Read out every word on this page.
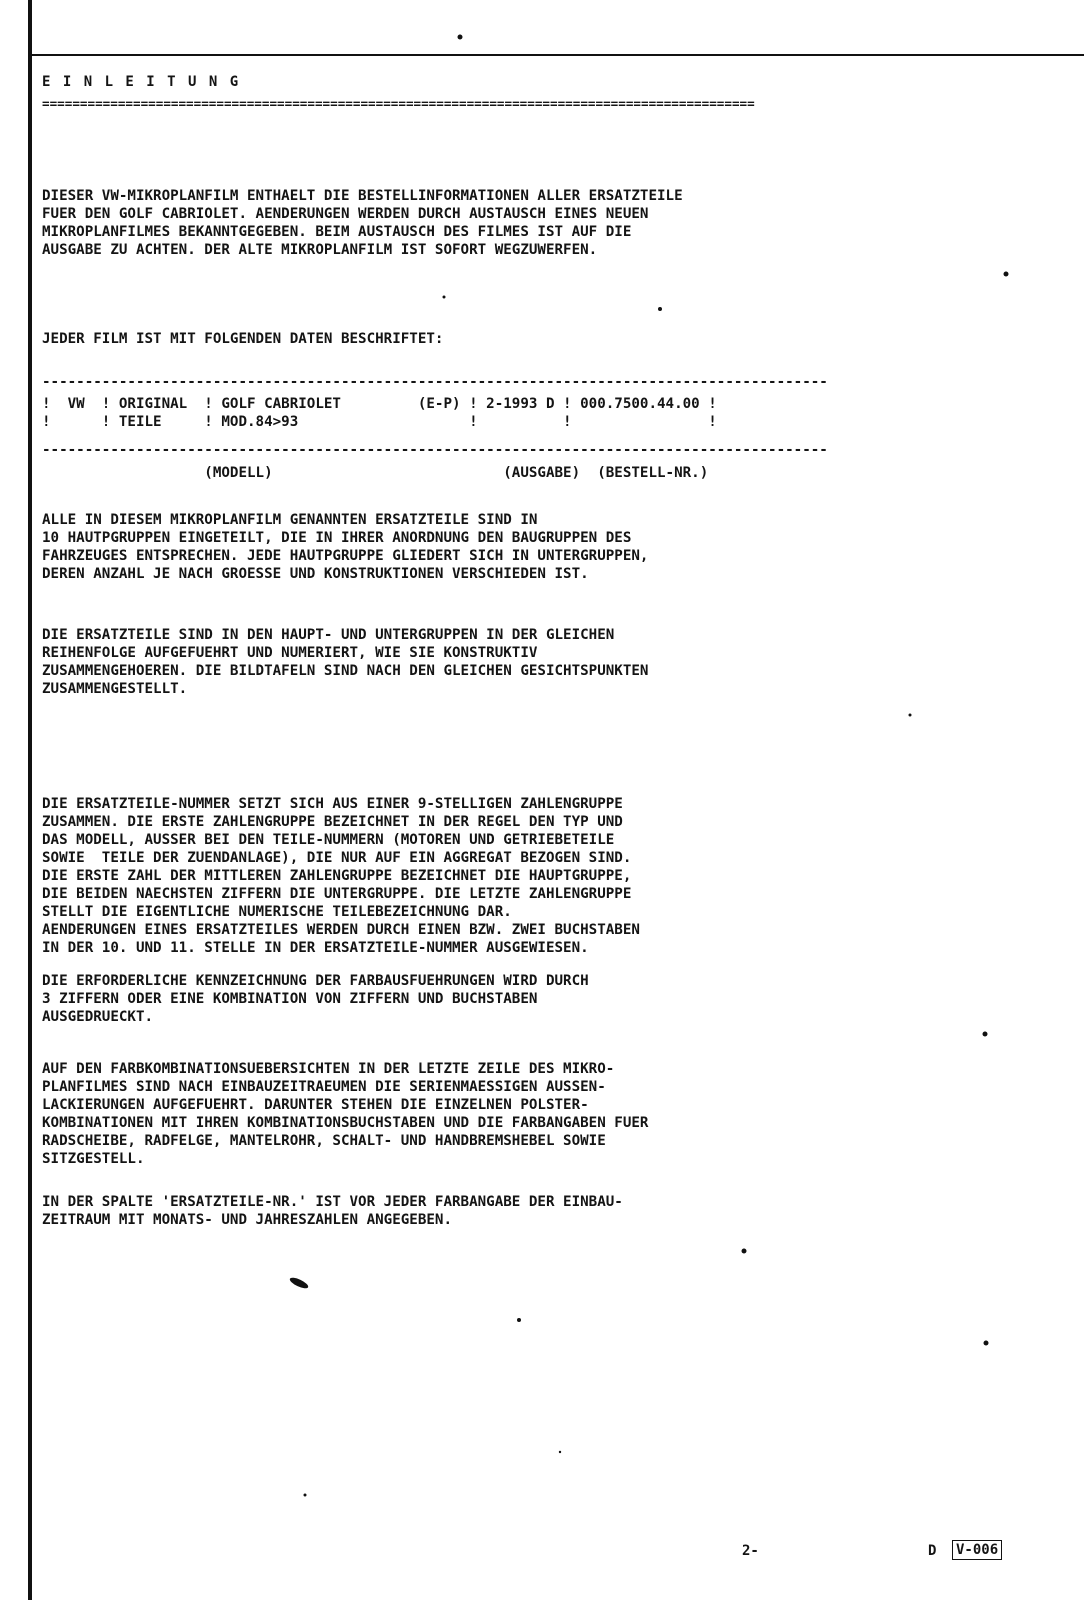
E I N L E I T U N G
==============================================================================================
DIESER VW-MIKROPLANFILM ENTHAELT DIE BESTELLINFORMATIONEN ALLER ERSATZTEILE
FUER DEN GOLF CABRIOLET. AENDERUNGEN WERDEN DURCH AUSTAUSCH EINES NEUEN
MIKROPLANFILMES BEKANNTGEGEBEN. BEIM AUSTAUSCH DES FILMES IST AUF DIE
AUSGABE ZU ACHTEN. DER ALTE MIKROPLANFILM IST SOFORT WEGZUWERFEN.
JEDER FILM IST MIT FOLGENDEN DATEN BESCHRIFTET:
--------------------------------------------------------------------------------------------
!  VW  ! ORIGINAL  ! GOLF CABRIOLET         (E-P) ! 2-1993 D ! 000.7500.44.00 !
!      ! TEILE     ! MOD.84>93                    !          !                !
--------------------------------------------------------------------------------------------
(MODELL)                           (AUSGABE)  (BESTELL-NR.)
ALLE IN DIESEM MIKROPLANFILM GENANNTEN ERSATZTEILE SIND IN
10 HAUTPGRUPPEN EINGETEILT, DIE IN IHRER ANORDNUNG DEN BAUGRUPPEN DES
FAHRZEUGES ENTSPRECHEN. JEDE HAUTPGRUPPE GLIEDERT SICH IN UNTERGRUPPEN,
DEREN ANZAHL JE NACH GROESSE UND KONSTRUKTIONEN VERSCHIEDEN IST.
DIE ERSATZTEILE SIND IN DEN HAUPT- UND UNTERGRUPPEN IN DER GLEICHEN
REIHENFOLGE AUFGEFUEHRT UND NUMERIERT, WIE SIE KONSTRUKTIV
ZUSAMMENGEHOEREN. DIE BILDTAFELN SIND NACH DEN GLEICHEN GESICHTSPUNKTEN
ZUSAMMENGESTELLT.
DIE ERSATZTEILE-NUMMER SETZT SICH AUS EINER 9-STELLIGEN ZAHLENGRUPPE
ZUSAMMEN. DIE ERSTE ZAHLENGRUPPE BEZEICHNET IN DER REGEL DEN TYP UND
DAS MODELL, AUSSER BEI DEN TEILE-NUMMERN (MOTOREN UND GETRIEBETEILE
SOWIE  TEILE DER ZUENDANLAGE), DIE NUR AUF EIN AGGREGAT BEZOGEN SIND.
DIE ERSTE ZAHL DER MITTLEREN ZAHLENGRUPPE BEZEICHNET DIE HAUPTGRUPPE,
DIE BEIDEN NAECHSTEN ZIFFERN DIE UNTERGRUPPE. DIE LETZTE ZAHLENGRUPPE
STELLT DIE EIGENTLICHE NUMERISCHE TEILEBEZEICHNUNG DAR.
AENDERUNGEN EINES ERSATZTEILES WERDEN DURCH EINEN BZW. ZWEI BUCHSTABEN
IN DER 10. UND 11. STELLE IN DER ERSATZTEILE-NUMMER AUSGEWIESEN.
DIE ERFORDERLICHE KENNZEICHNUNG DER FARBAUSFUEHRUNGEN WIRD DURCH
3 ZIFFERN ODER EINE KOMBINATION VON ZIFFERN UND BUCHSTABEN
AUSGEDRUECKT.
AUF DEN FARBKOMBINATIONSUEBERSICHTEN IN DER LETZTE ZEILE DES MIKRO-
PLANFILMES SIND NACH EINBAUZEITRAEUMEN DIE SERIENMAESSIGEN AUSSEN-
LACKIERUNGEN AUFGEFUEHRT. DARUNTER STEHEN DIE EINZELNEN POLSTER-
KOMBINATIONEN MIT IHREN KOMBINATIONSBUCHSTABEN UND DIE FARBANGABEN FUER
RADSCHEIBE, RADFELGE, MANTELROHR, SCHALT- UND HANDBREMSHEBEL SOWIE
SITZGESTELL.
IN DER SPALTE 'ERSATZTEILE-NR.' IST VOR JEDER FARBANGABE DER EINBAU-
ZEITRAUM MIT MONATS- UND JAHRESZAHLEN ANGEGEBEN.
2-	D V-006
